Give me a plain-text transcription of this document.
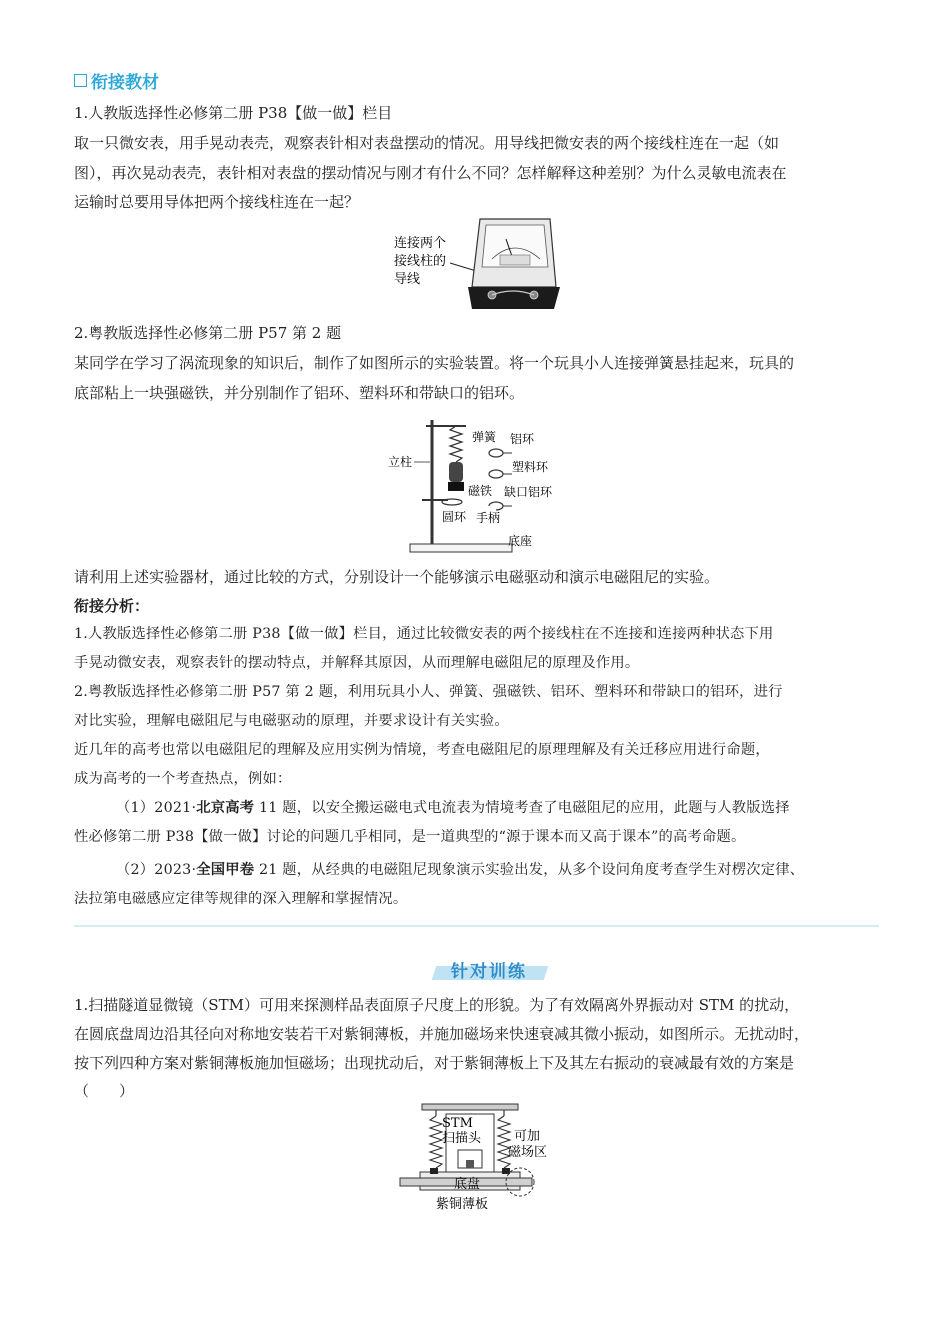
衔接教材
1.人教版选择性必修第二册 P38【做一做】栏目
取一只微安表，用手晃动表壳，观察表针相对表盘摆动的情况。用导线把微安表的两个接线柱连在一起（如
图），再次晃动表壳，表针相对表盘的摆动情况与刚才有什么不同？怎样解释这种差别？为什么灵敏电流表在
运输时总要用导体把两个接线柱连在一起？
连接两个
接线柱的
导线
2.粤教版选择性必修第二册 P57 第 2 题
某同学在学习了涡流现象的知识后，制作了如图所示的实验装置。将一个玩具小人连接弹簧悬挂起来，玩具的
底部粘上一块强磁铁，并分别制作了铝环、塑料环和带缺口的铝环。
弹簧 铝环
立柱	塑料环
磁铁 缺口铝环
圆环 手柄
底座
请利用上述实验器材，通过比较的方式，分别设计一个能够演示电磁驱动和演示电磁阻尼的实验。
衔接分析：
1.人教版选择性必修第二册 P38【做一做】栏目，通过比较微安表的两个接线柱在不连接和连接两种状态下用
手晃动微安表，观察表针的摆动特点，并解释其原因，从而理解电磁阻尼的原理及作用。
2.粤教版选择性必修第二册 P57 第 2 题，利用玩具小人、弹簧、强磁铁、铝环、塑料环和带缺口的铝环，进行
对比实验，理解电磁阻尼与电磁驱动的原理，并要求设计有关实验。
近几年的高考也常以电磁阻尼的理解及应用实例为情境，考查电磁阻尼的原理理解及有关迁移应用进行命题，
成为高考的一个考查热点，例如：
（1）2021·北京高考 11 题，以安全搬运磁电式电流表为情境考查了电磁阻尼的应用，此题与人教版选择
性必修第二册 P38【做一做】讨论的问题几乎相同，是一道典型的“源于课本而又高于课本”的高考命题。
（2）2023·全国甲卷 21 题，从经典的电磁阻尼现象演示实验出发，从多个设问角度考查学生对楞次定律、
法拉第电磁感应定律等规律的深入理解和掌握情况。
针对训练
1.扫描隧道显微镜（STM）可用来探测样品表面原子尺度上的形貌。为了有效隔离外界振动对 STM 的扰动，
在圆底盘周边沿其径向对称地安装若干对紫铜薄板，并施加磁场来快速衰减其微小振动，如图所示。无扰动时，
按下列四种方案对紫铜薄板施加恒磁场；出现扰动后，对于紫铜薄板上下及其左右振动的衰减最有效的方案是
（　　）
STM
扫描头	可加
磁场区
底盘
紫铜薄板
